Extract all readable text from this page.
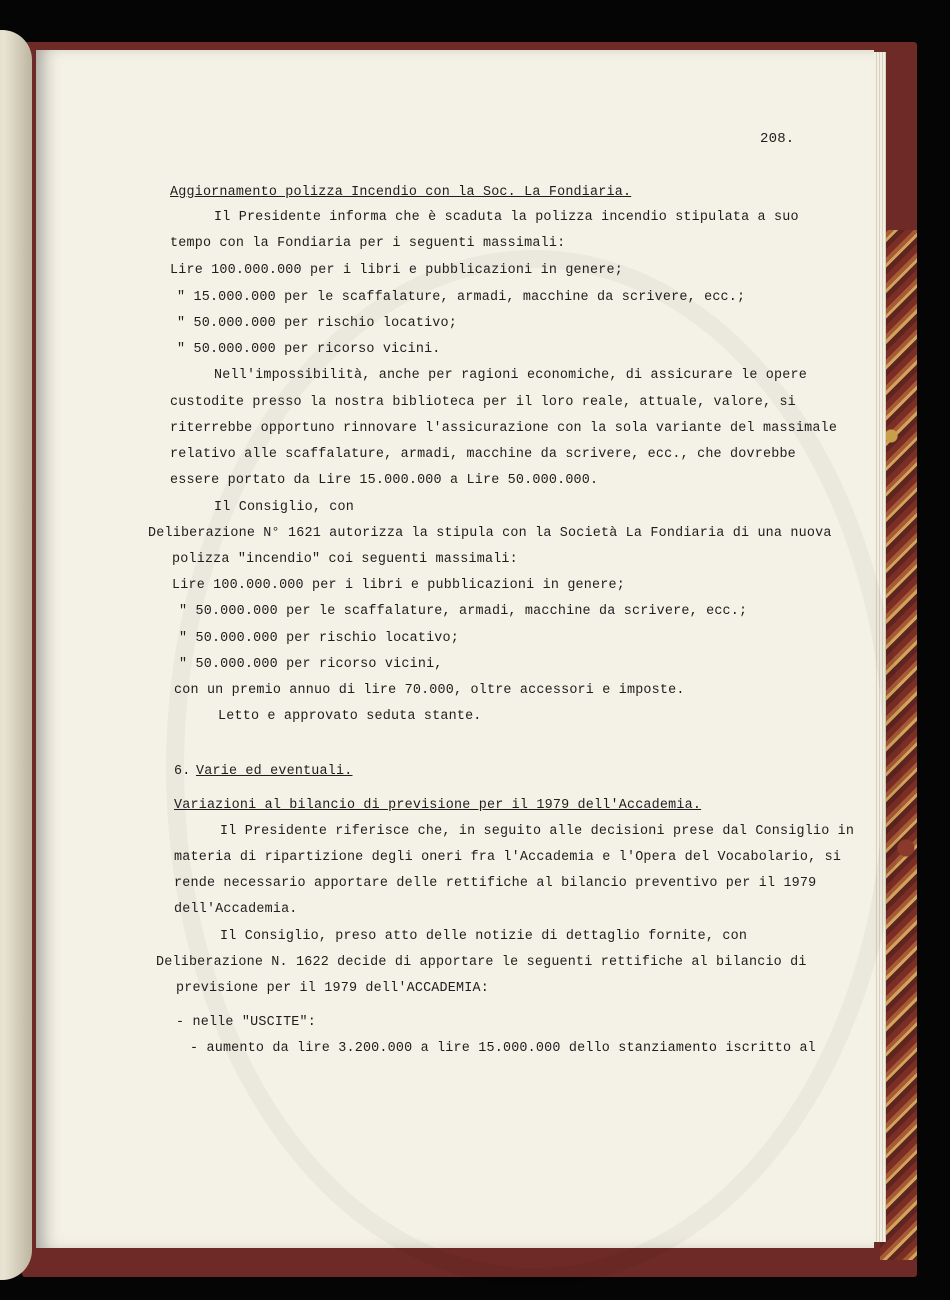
208.
Aggiornamento polizza Incendio con la Soc. La Fondiaria.
Il Presidente informa che è scaduta la polizza incendio stipulata a suo
tempo con la Fondiaria per i seguenti massimali:
Lire 100.000.000 per i libri e pubblicazioni in genere;
" 15.000.000 per le scaffalature, armadi, macchine da scrivere, ecc.;
" 50.000.000 per rischio locativo;
" 50.000.000 per ricorso vicini.
Nell'impossibilità, anche per ragioni economiche, di assicurare le opere
custodite presso la nostra biblioteca per il loro reale, attuale, valore, si
riterrebbe opportuno rinnovare l'assicurazione con la sola variante del massimale
relativo alle scaffalature, armadi, macchine da scrivere, ecc., che dovrebbe
essere portato da Lire 15.000.000 a Lire 50.000.000.
Il Consiglio, con
Deliberazione N° 1621 autorizza la stipula con la Società La Fondiaria di una nuova
polizza "incendio" coi seguenti massimali:
Lire 100.000.000 per i libri e pubblicazioni in genere;
" 50.000.000 per le scaffalature, armadi, macchine da scrivere, ecc.;
" 50.000.000 per rischio locativo;
" 50.000.000 per ricorso vicini,
con un premio annuo di lire 70.000, oltre accessori e imposte.
Letto e approvato seduta stante.
6. Varie ed eventuali.
Variazioni al bilancio di previsione per il 1979 dell'Accademia.
Il Presidente riferisce che, in seguito alle decisioni prese dal Consiglio in
materia di ripartizione degli oneri fra l'Accademia e l'Opera del Vocabolario, si
rende necessario apportare delle rettifiche al bilancio preventivo per il 1979
dell'Accademia.
Il Consiglio, preso atto delle notizie di dettaglio fornite, con
Deliberazione N. 1622 decide di apportare le seguenti rettifiche al bilancio di
previsione per il 1979 dell'ACCADEMIA:
- nelle "USCITE":
- aumento da lire 3.200.000 a lire 15.000.000 dello stanziamento iscritto al
